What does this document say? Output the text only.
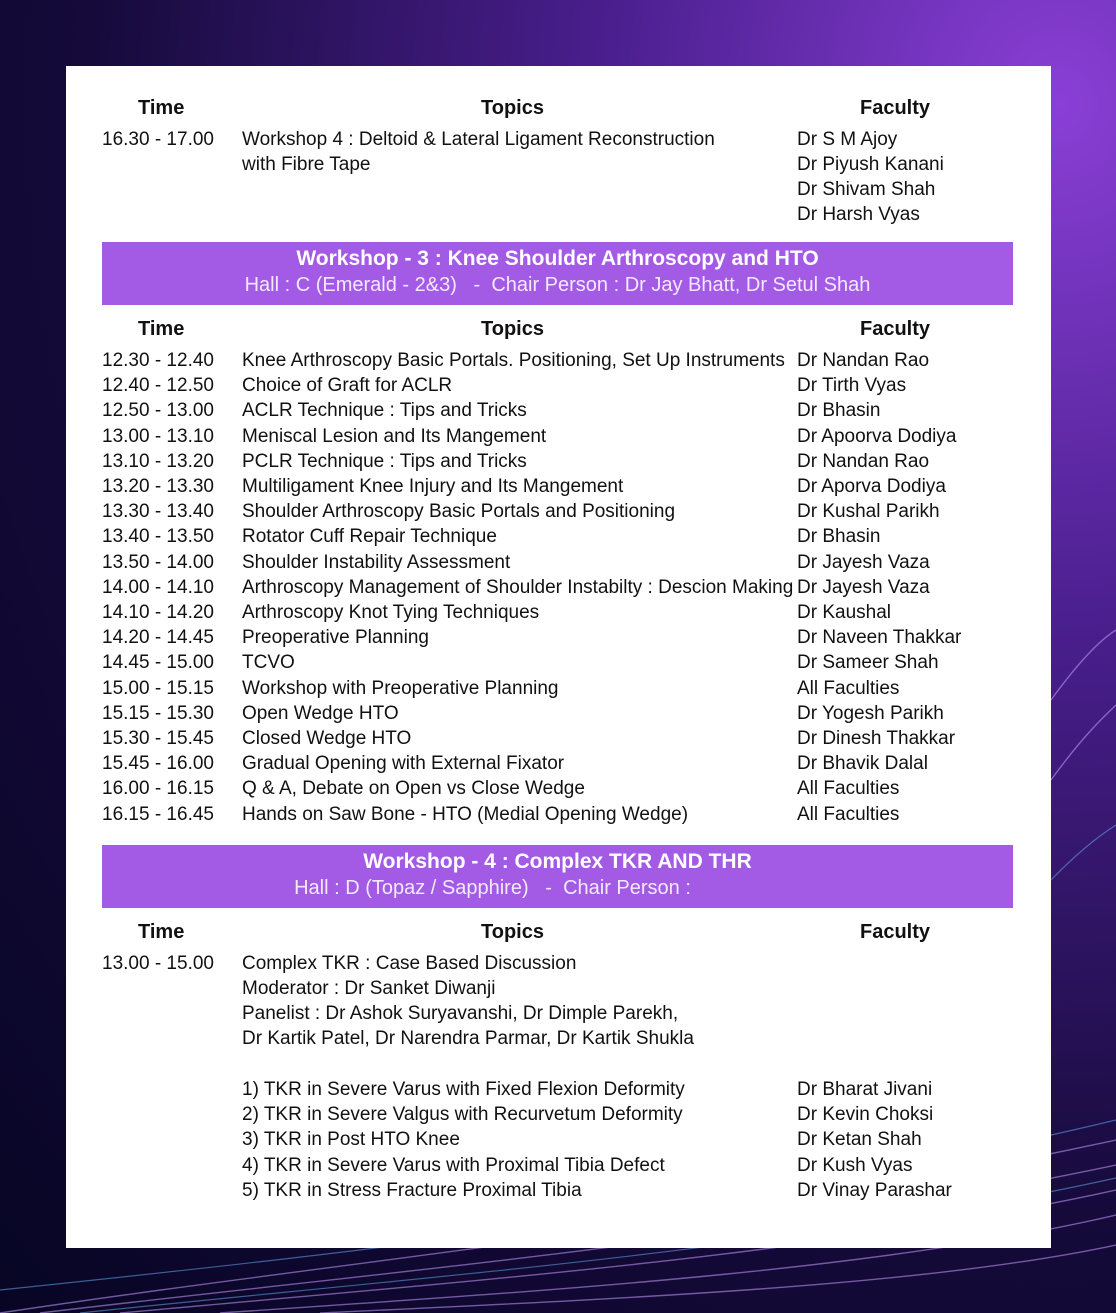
Time	Topics	Faculty
16.30 - 17.00 Workshop 4 : Deltoid & Lateral Ligament Reconstruction	Dr S M Ajoy
with Fibre Tape	Dr Piyush Kanani
Dr Shivam Shah
Dr Harsh Vyas
Workshop - 3 : Knee Shoulder Arthroscopy and HTO
Hall : C (Emerald - 2&3)   -  Chair Person : Dr Jay Bhatt, Dr Setul Shah
Time	Topics	Faculty
12.30 - 12.40 Knee Arthroscopy Basic Portals. Positioning, Set Up Instruments Dr Nandan Rao
12.40 - 12.50 Choice of Graft for ACLR	Dr Tirth Vyas
12.50 - 13.00 ACLR Technique : Tips and Tricks	Dr Bhasin
13.00 - 13.10 Meniscal Lesion and Its Mangement	Dr Apoorva Dodiya
13.10 - 13.20 PCLR Technique : Tips and Tricks	Dr Nandan Rao
13.20 - 13.30 Multiligament Knee Injury and Its Mangement	Dr Aporva Dodiya
13.30 - 13.40 Shoulder Arthroscopy Basic Portals and Positioning	Dr Kushal Parikh
13.40 - 13.50 Rotator Cuff Repair Technique	Dr Bhasin
13.50 - 14.00 Shoulder Instability Assessment	Dr Jayesh Vaza
14.00 - 14.10 Arthroscopy Management of Shoulder Instabilty : Descion Making Dr Jayesh Vaza
14.10 - 14.20 Arthroscopy Knot Tying Techniques	Dr Kaushal
14.20 - 14.45 Preoperative Planning	Dr Naveen Thakkar
14.45 - 15.00 TCVO	Dr Sameer Shah
15.00 - 15.15 Workshop with Preoperative Planning	All Faculties
15.15 - 15.30 Open Wedge HTO	Dr Yogesh Parikh
15.30 - 15.45 Closed Wedge HTO	Dr Dinesh Thakkar
15.45 - 16.00 Gradual Opening with External Fixator	Dr Bhavik Dalal
16.00 - 16.15 Q & A, Debate on Open vs Close Wedge	All Faculties
16.15 - 16.45 Hands on Saw Bone - HTO (Medial Opening Wedge)	All Faculties
Workshop - 4 : Complex TKR AND THR
Hall : D (Topaz / Sapphire)   -  Chair Person :
Time	Topics	Faculty
13.00 - 15.00 Complex TKR : Case Based Discussion
Moderator : Dr Sanket Diwanji
Panelist : Dr Ashok Suryavanshi, Dr Dimple Parekh,
Dr Kartik Patel, Dr Narendra Parmar, Dr Kartik Shukla
1) TKR in Severe Varus with Fixed Flexion Deformity	Dr Bharat Jivani
2) TKR in Severe Valgus with Recurvetum Deformity	Dr Kevin Choksi
3) TKR in Post HTO Knee	Dr Ketan Shah
4) TKR in Severe Varus with Proximal Tibia Defect	Dr Kush Vyas
5) TKR in Stress Fracture Proximal Tibia	Dr Vinay Parashar
